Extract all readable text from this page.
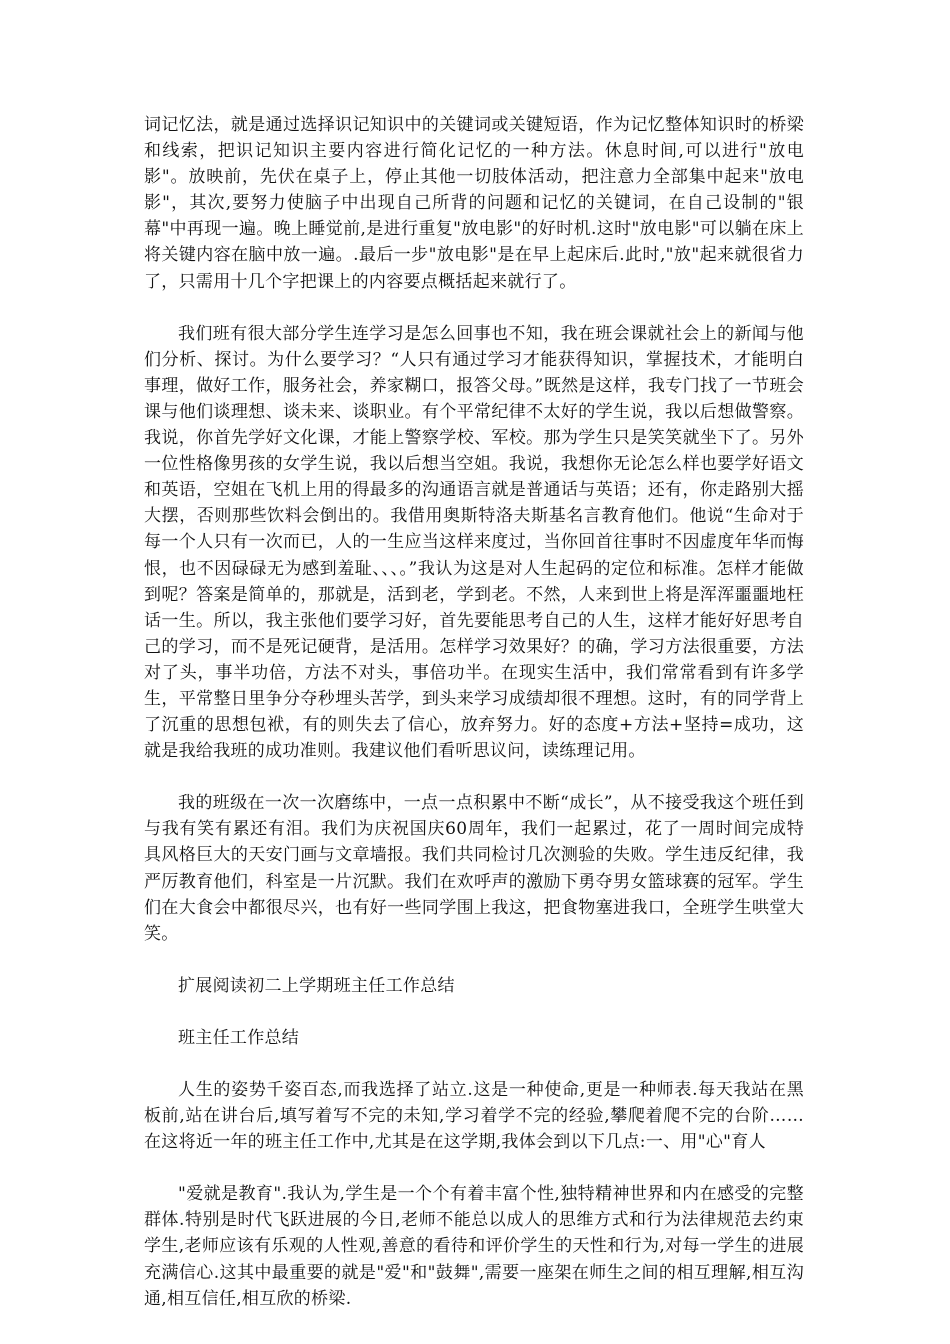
词记忆法，就是通过选择识记知识中的关键词或关键短语，作为记忆整体知识时的桥梁和线索，把识记知识主要内容进行简化记忆的一种方法。休息时间,可以进行"放电影"。放映前，先伏在桌子上，停止其他一切肢体活动，把注意力全部集中起来"放电影"，其次,要努力使脑子中出现自己所背的问题和记忆的关键词，在自己设制的"银幕"中再现一遍。晚上睡觉前,是进行重复"放电影"的好时机.这时"放电影"可以躺在床上将关键内容在脑中放一遍。.最后一步"放电影"是在早上起床后.此时,"放"起来就很省力了，只需用十几个字把课上的内容要点概括起来就行了。

我们班有很大部分学生连学习是怎么回事也不知，我在班会课就社会上的新闻与他们分析、探讨。为什么要学习？“人只有通过学习才能获得知识，掌握技术，才能明白事理，做好工作，服务社会，养家糊口，报答父母。”既然是这样，我专门找了一节班会课与他们谈理想、谈未来、谈职业。有个平常纪律不太好的学生说，我以后想做警察。我说，你首先学好文化课，才能上警察学校、军校。那为学生只是笑笑就坐下了。另外一位性格像男孩的女学生说，我以后想当空姐。我说，我想你无论怎么样也要学好语文和英语，空姐在飞机上用的得最多的沟通语言就是普通话与英语；还有，你走路别大摇大摆，否则那些饮料会倒出的。我借用奥斯特洛夫斯基名言教育他们。他说“生命对于每一个人只有一次而已，人的一生应当这样来度过，当你回首往事时不因虚度年华而悔恨，也不因碌碌无为感到羞耻、、、。”我认为这是对人生起码的定位和标准。怎样才能做到呢？答案是简单的，那就是，活到老，学到老。不然，人来到世上将是浑浑噩噩地枉话一生。所以，我主张他们要学习好，首先要能思考自己的人生，这样才能好好思考自己的学习，而不是死记硬背，是活用。怎样学习效果好？的确，学习方法很重要，方法对了头，事半功倍，方法不对头，事倍功半。在现实生活中，我们常常看到有许多学生，平常整日里争分夺秒埋头苦学，到头来学习成绩却很不理想。这时，有的同学背上了沉重的思想包袱，有的则失去了信心，放弃努力。好的态度+方法+坚持=成功，这就是我给我班的成功准则。我建议他们看听思议问，读练理记用。

我的班级在一次一次磨练中，一点一点积累中不断“成长”，从不接受我这个班任到与我有笑有累还有泪。我们为庆祝国庆60周年，我们一起累过，花了一周时间完成特具风格巨大的天安门画与文章墙报。我们共同检讨几次测验的失败。学生违反纪律，我严厉教育他们，科室是一片沉默。我们在欢呼声的激励下勇夺男女篮球赛的冠军。学生们在大食会中都很尽兴，也有好一些同学围上我这，把食物塞进我口，全班学生哄堂大笑。

扩展阅读初二上学期班主任工作总结

班主任工作总结

人生的姿势千姿百态,而我选择了站立.这是一种使命,更是一种师表.每天我站在黑板前,站在讲台后,填写着写不完的未知,学习着学不完的经验,攀爬着爬不完的台阶……在这将近一年的班主任工作中,尤其是在这学期,我体会到以下几点:一、用"心"育人

"爱就是教育".我认为,学生是一个个有着丰富个性,独特精神世界和内在感受的完整群体.特别是时代飞跃进展的今日,老师不能总以成人的思维方式和行为法律规范去约束学生,老师应该有乐观的人性观,善意的看待和评价学生的天性和行为,对每一学生的进展充满信心.这其中最重要的就是"爱"和"鼓舞",需要一座架在师生之间的相互理解,相互沟通,相互信任,相互欣的桥梁.
